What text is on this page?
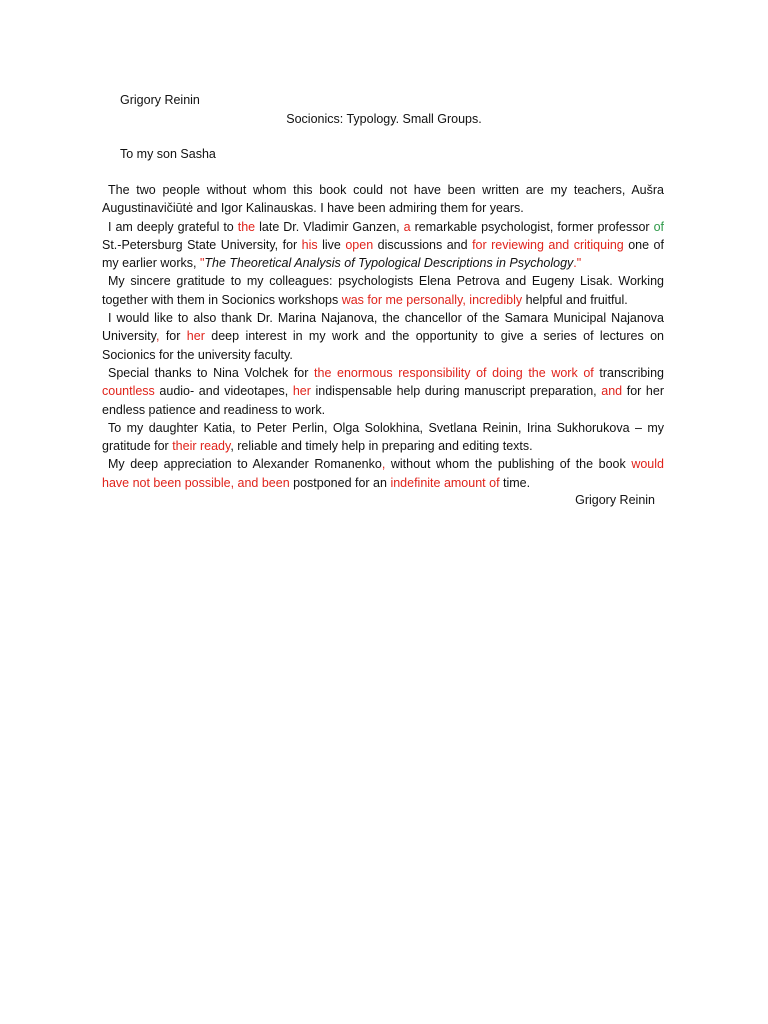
Grigory Reinin
Socionics: Typology. Small Groups.
To my son Sasha

The two people without whom this book could not have been written are my teachers, Aušra Augustinavičiūtė and Igor Kalinauskas. I have been admiring them for years.

I am deeply grateful to the late Dr. Vladimir Ganzen, a remarkable psychologist, former professor of St.-Petersburg State University, for his live open discussions and for reviewing and critiquing one of my earlier works, "The Theoretical Analysis of Typological Descriptions in Psychology."

My sincere gratitude to my colleagues: psychologists Elena Petrova and Eugeny Lisak. Working together with them in Socionics workshops was for me personally, incredibly helpful and fruitful.

I would like to also thank Dr. Marina Najanova, the chancellor of the Samara Municipal Najanova University, for her deep interest in my work and the opportunity to give a series of lectures on Socionics for the university faculty.

Special thanks to Nina Volchek for the enormous responsibility of doing the work of transcribing countless audio- and videotapes, her indispensable help during manuscript preparation, and for her endless patience and readiness to work.

To my daughter Katia, to Peter Perlin, Olga Solokhina, Svetlana Reinin, Irina Sukhorukova – my gratitude for their ready, reliable and timely help in preparing and editing texts.

My deep appreciation to Alexander Romanenko, without whom the publishing of the book would have not been possible, and been postponed for an indefinite amount of time.

Grigory Reinin
